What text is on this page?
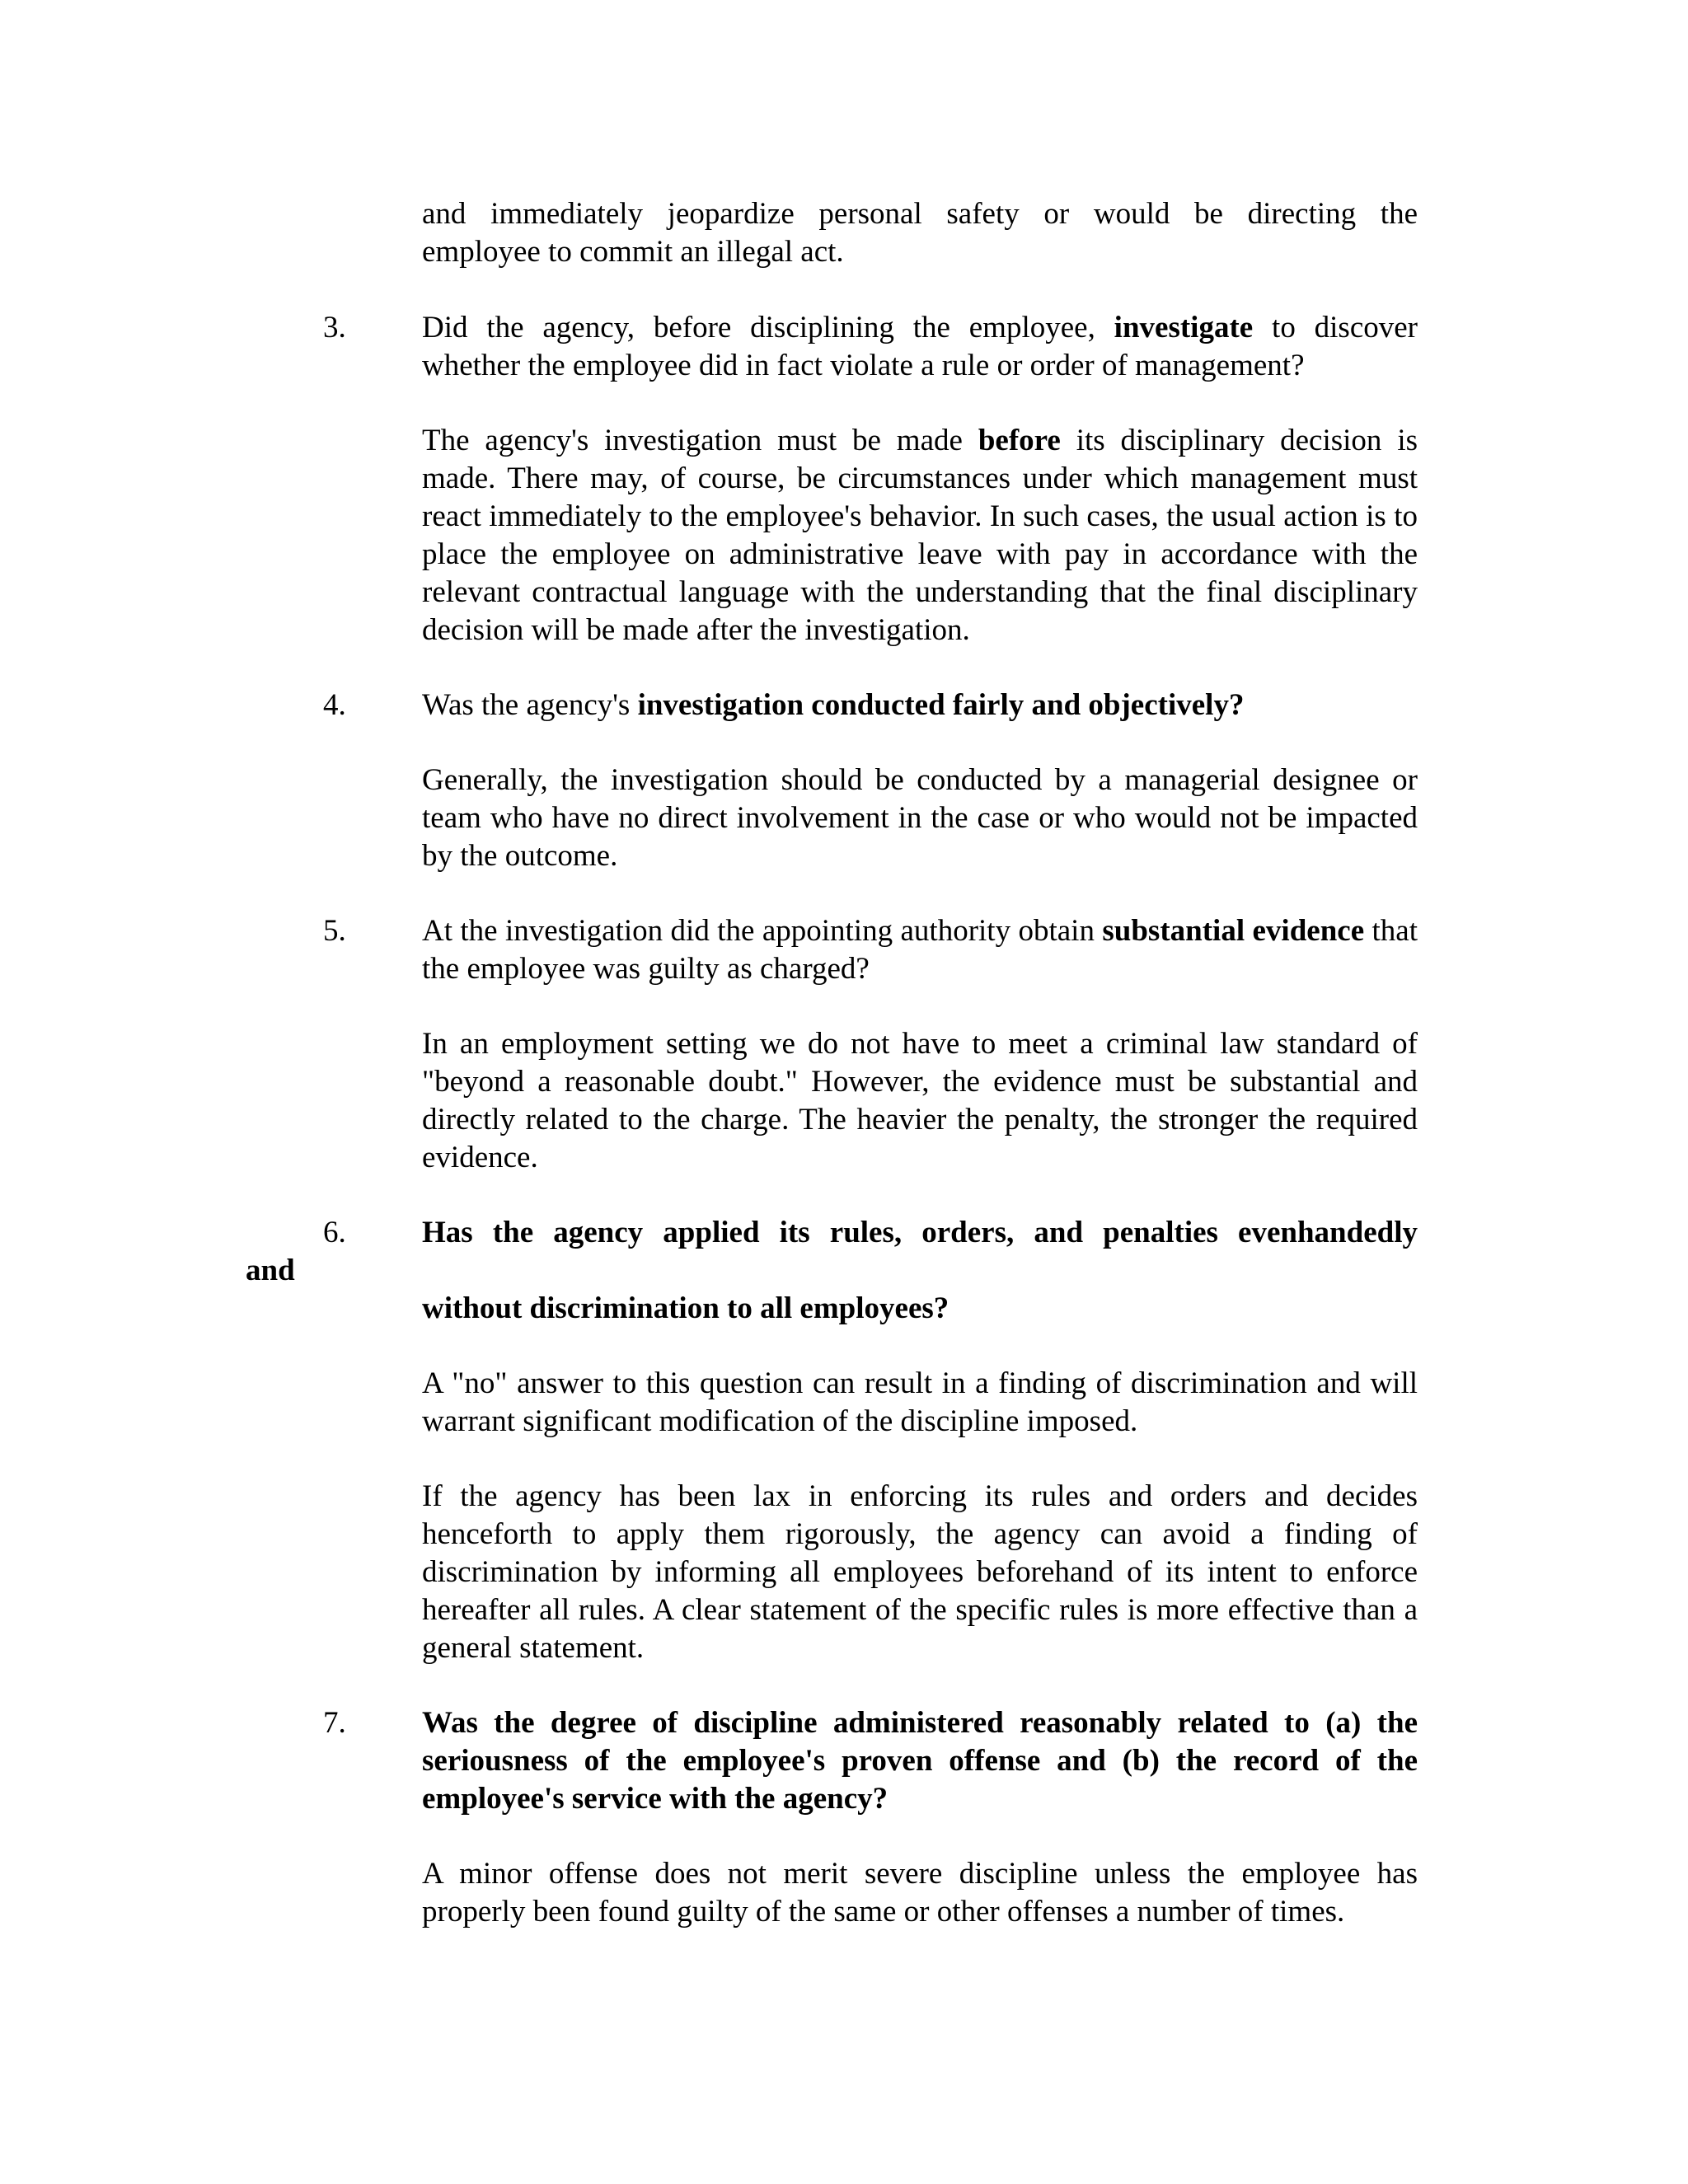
and immediately jeopardize personal safety or would be directing the

employee to commit an illegal act.

3. Did the agency, before disciplining the employee, investigate to discover whether the employee did in fact violate a rule or order of management?

The agency's investigation must be made before its disciplinary decision is made. There may, of course, be circumstances under which management must react immediately to the employee's behavior. In such cases, the usual action is to place the employee on administrative leave with pay in accordance with the relevant contractual language with the understanding that the final disciplinary decision will be made after the investigation.

4. Was the agency's investigation conducted fairly and objectively?

Generally, the investigation should be conducted by a managerial designee or team who have no direct involvement in the case or who would not be impacted by the outcome.

5. At the investigation did the appointing authority obtain substantial evidence that the employee was guilty as charged?

In an employment setting we do not have to meet a criminal law standard of "beyond a reasonable doubt." However, the evidence must be substantial and directly related to the charge. The heavier the penalty, the stronger the required evidence.

6. Has the agency applied its rules, orders, and penalties evenhandedly

and

without discrimination to all employees?

A "no" answer to this question can result in a finding of discrimination and will warrant significant modification of the discipline imposed.

If the agency has been lax in enforcing its rules and orders and decides henceforth to apply them rigorously, the agency can avoid a finding of discrimination by informing all employees beforehand of its intent to enforce hereafter all rules. A clear statement of the specific rules is more effective than a general statement.

7. Was the degree of discipline administered reasonably related to (a) the seriousness of the employee's proven offense and (b) the record of the employee's service with the agency?

A minor offense does not merit severe discipline unless the employee has properly been found guilty of the same or other offenses a number of times.
